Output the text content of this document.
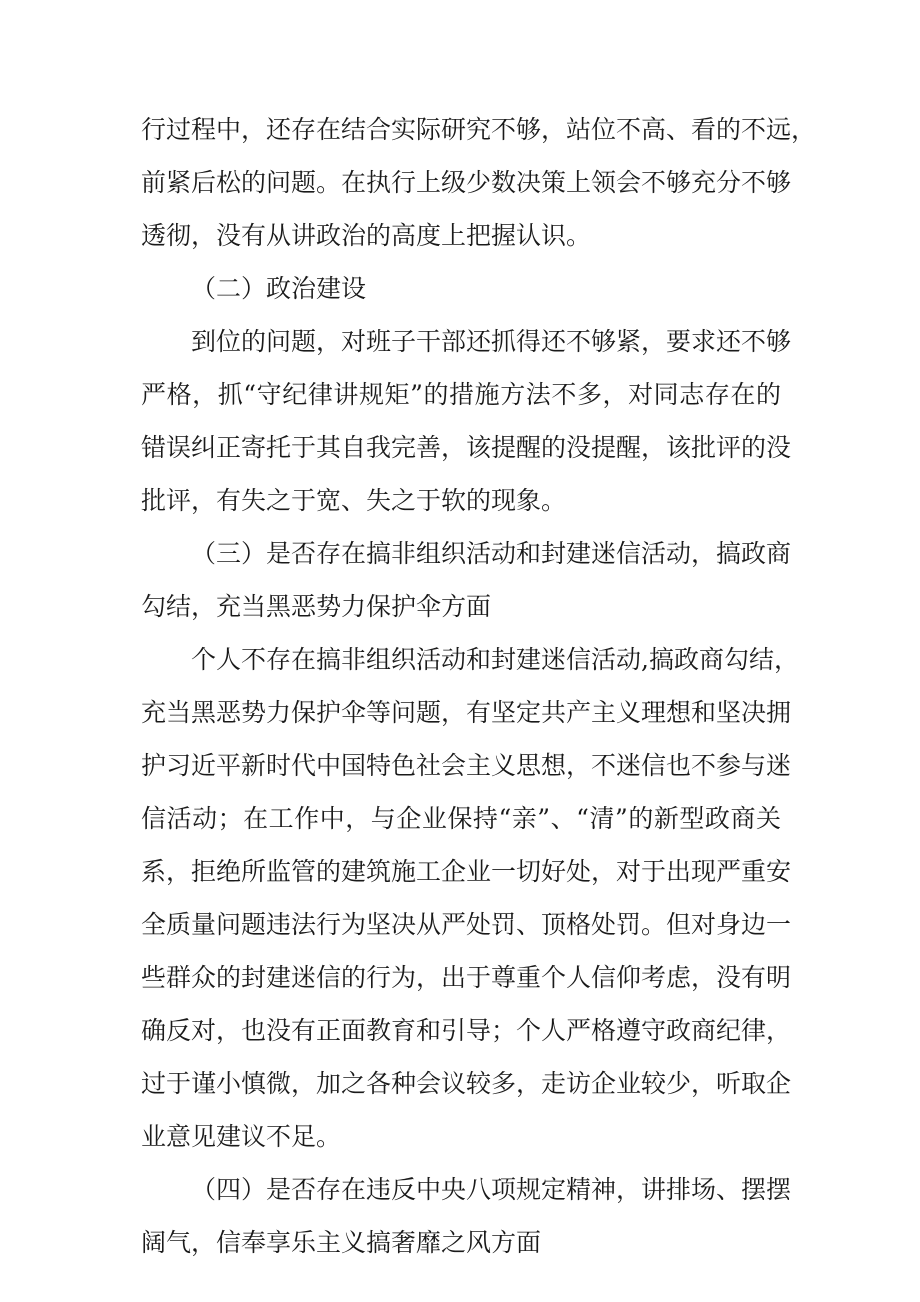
行过程中，还存在结合实际研究不够，站位不高、看的不远，
前紧后松的问题。在执行上级少数决策上领会不够充分不够
透彻，没有从讲政治的高度上把握认识。
（二）政治建设
到位的问题，对班子干部还抓得还不够紧，要求还不够
严格，抓“守纪律讲规矩”的措施方法不多，对同志存在的
错误纠正寄托于其自我完善，该提醒的没提醒，该批评的没
批评，有失之于宽、失之于软的现象。
（三）是否存在搞非组织活动和封建迷信活动，搞政商
勾结，充当黑恶势力保护伞方面
个人不存在搞非组织活动和封建迷信活动,搞政商勾结，
充当黑恶势力保护伞等问题，有坚定共产主义理想和坚决拥
护习近平新时代中国特色社会主义思想，不迷信也不参与迷
信活动；在工作中，与企业保持“亲”、“清”的新型政商关
系，拒绝所监管的建筑施工企业一切好处，对于出现严重安
全质量问题违法行为坚决从严处罚、顶格处罚。但对身边一
些群众的封建迷信的行为，出于尊重个人信仰考虑，没有明
确反对，也没有正面教育和引导；个人严格遵守政商纪律，
过于谨小慎微，加之各种会议较多，走访企业较少，听取企
业意见建议不足。
（四）是否存在违反中央八项规定精神，讲排场、摆摆
阔气，信奉享乐主义搞奢靡之风方面
